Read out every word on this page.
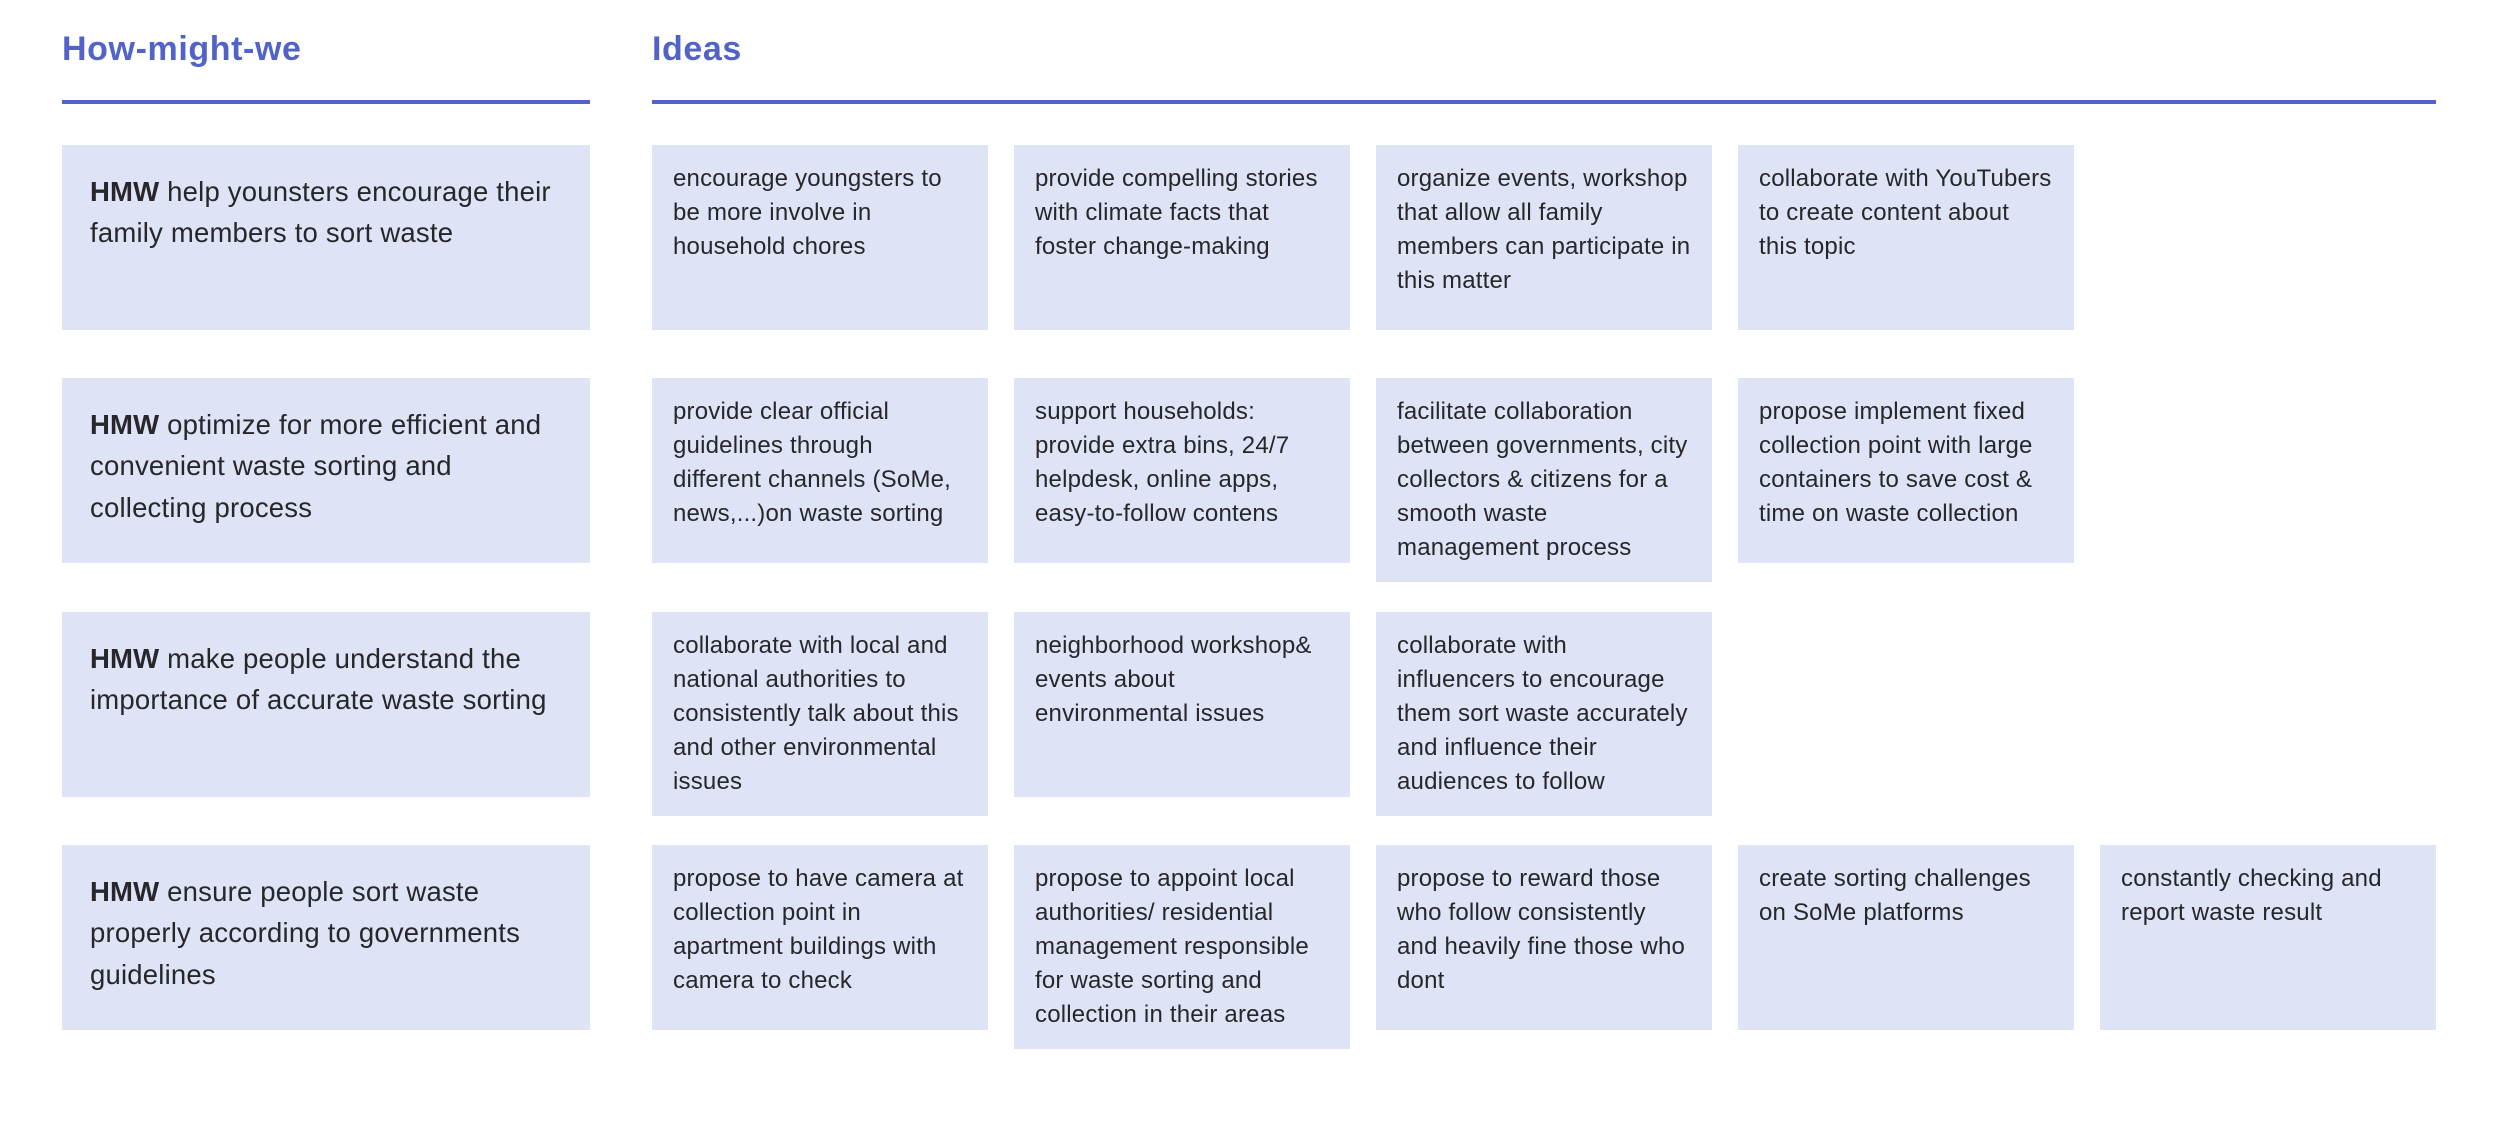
How-might-we	Ideas
HMW help younsters encourage their family members to sort waste
encourage youngsters to be more involve in household chores
provide compelling stories with climate facts that foster change-making
organize events, workshop that allow all family members can participate in this matter
collaborate with YouTubers to create content about this topic
HMW optimize for more efficient and convenient waste sorting and collecting process
provide clear official guidelines through different channels (SoMe, news,...)on waste sorting
support households: provide extra bins, 24/7 helpdesk, online apps, easy-to-follow contens
facilitate collaboration between governments, city collectors & citizens for a smooth waste management process
propose implement fixed collection point with large containers to save cost & time on waste collection
HMW make people understand the importance of accurate waste sorting
collaborate with local and national authorities to consistently talk about this and other environmental issues
neighborhood workshop& events about environmental issues
collaborate with influencers to encourage them sort waste accurately and influence their audiences to follow
HMW ensure people sort waste properly according to governments guidelines
propose to have camera at collection point in apartment buildings with camera to check
propose to appoint local authorities/ residential management responsible for waste sorting and collection in their areas
propose to reward those who follow consistently and heavily fine those who dont
create sorting challenges on SoMe platforms
constantly checking and report waste result
